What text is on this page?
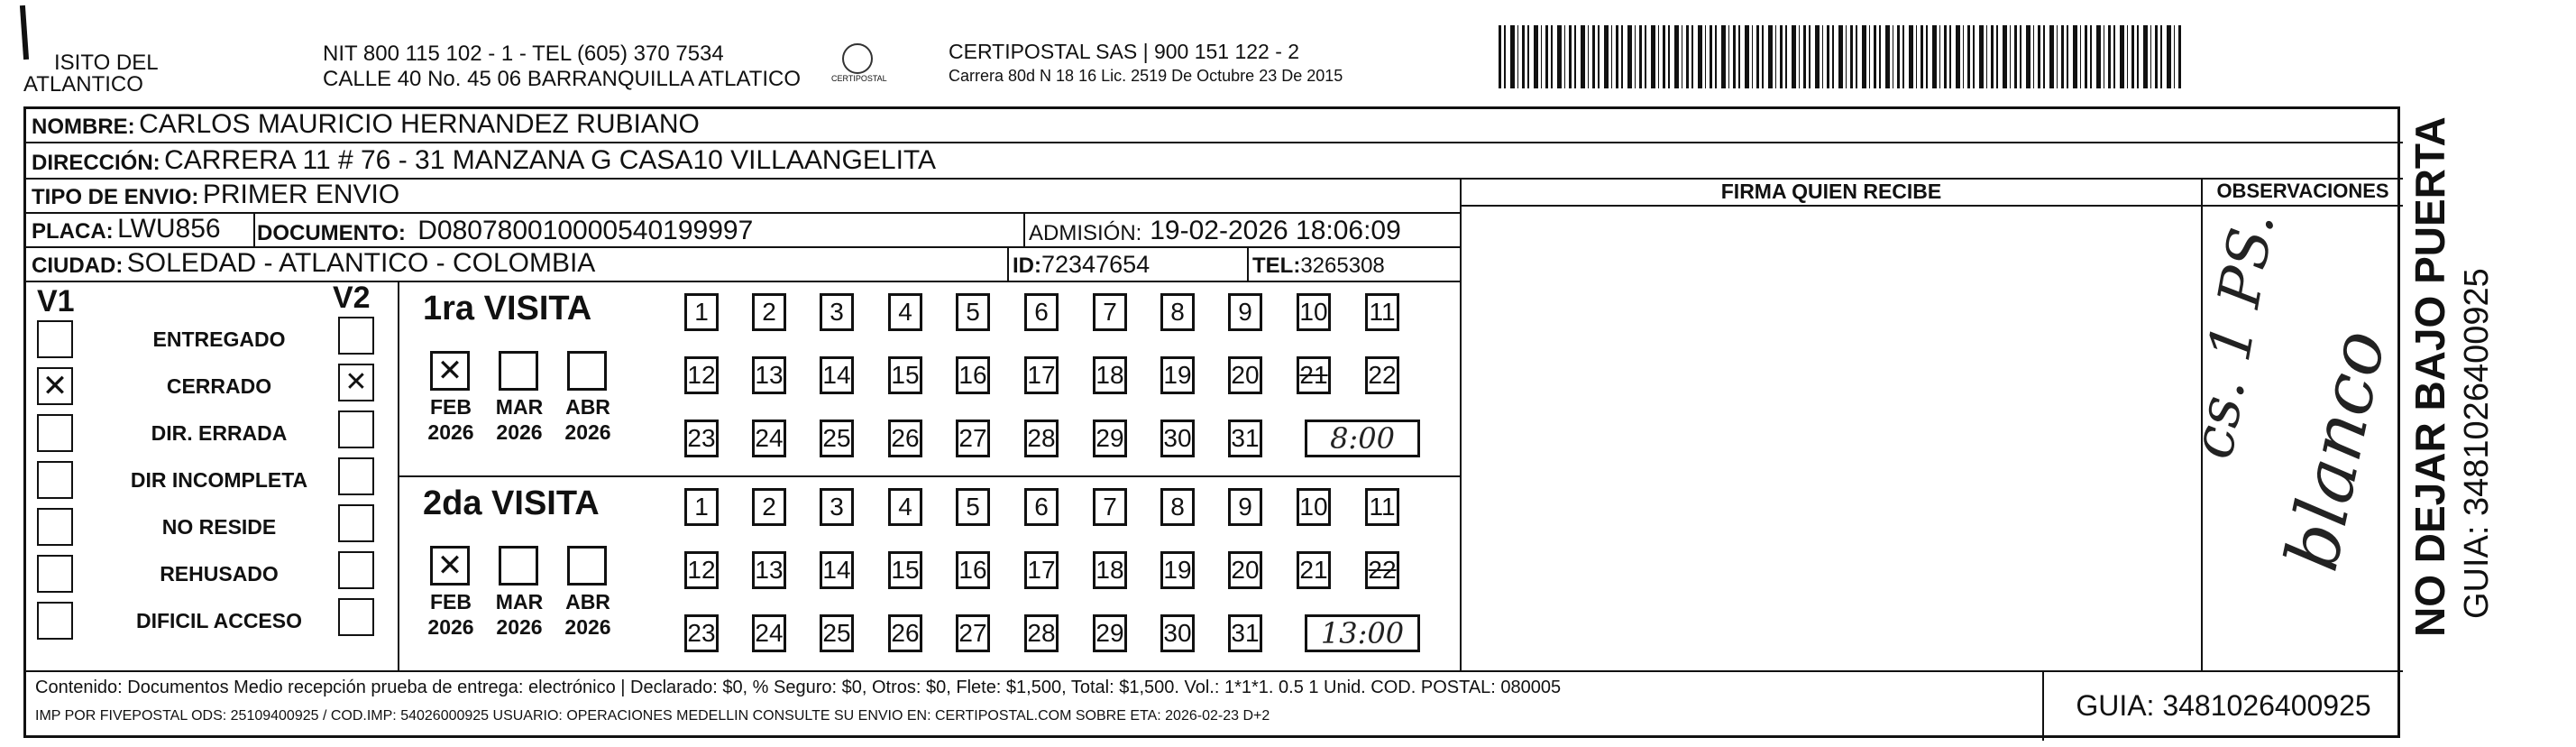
ISITO DEL
ATLANTICO
NIT 800 115 102 - 1 - TEL (605) 370 7534
CALLE 40 No. 45 06 BARRANQUILLA ATLATICO	CERTIPOSTAL
CERTIPOSTAL SAS | 900 151 122 - 2
Carrera 80d N 18 16 Lic. 2519 De Octubre 23 De 2015
NOMBRE:
CARLOS MAURICIO HERNANDEZ RUBIANO
DIRECCIÓN:
CARRERA 11 # 76 - 31 MANZANA G CASA10 VILLAANGELITA
TIPO DE ENVIO:
PRIMER ENVIO
PLACA:
LWU856 DOCUMENTO:
D080780010000540199997	ADMISIÓN:
19-02-2026 18:06:09
CIUDAD:
SOLEDAD - ATLANTICO - COLOMBIA	ID: 72347654	TEL: 3265308
FIRMA QUIEN RECIBE	OBSERVACIONES
cs. 1 PS.
blanco
V1	V2
ENTREGADO
✕	CERRADO	✕
DIR. ERRADA
DIR INCOMPLETA
NO RESIDE
REHUSADO
DIFICIL ACCESO
1ra VISITA
✕
FEB
2026
MAR
2026
ABR
2026
1	2	3	4	5	6	7	8	9	10 11
12 13 14 15 16 17 18 19 20 21 22
23 24 25 26 27 28 29 30 31	8:00
2da VISITA
✕
FEB
2026
MAR
2026
ABR
2026
1	2	3	4	5	6	7	8	9	10 11
12 13 14 15 16 17 18 19 20 21 22
23 24 25 26 27 28 29 30 31	13:00
Contenido: Documentos Medio recepción prueba de entrega: electrónico | Declarado: $0, % Seguro: $0, Otros: $0, Flete: $1,500, Total: $1,500. Vol.: 1*1*1. 0.5 1 Unid. COD. POSTAL: 080005
IMP POR FIVEPOSTAL ODS: 25109400925 / COD.IMP: 54026000925 USUARIO: OPERACIONES MEDELLIN CONSULTE SU ENVIO EN: CERTIPOSTAL.COM SOBRE ETA: 2026-02-23 D+2	GUIA: 3481026400925
NO DEJAR BAJO PUERTA GUIA: 3481026400925
